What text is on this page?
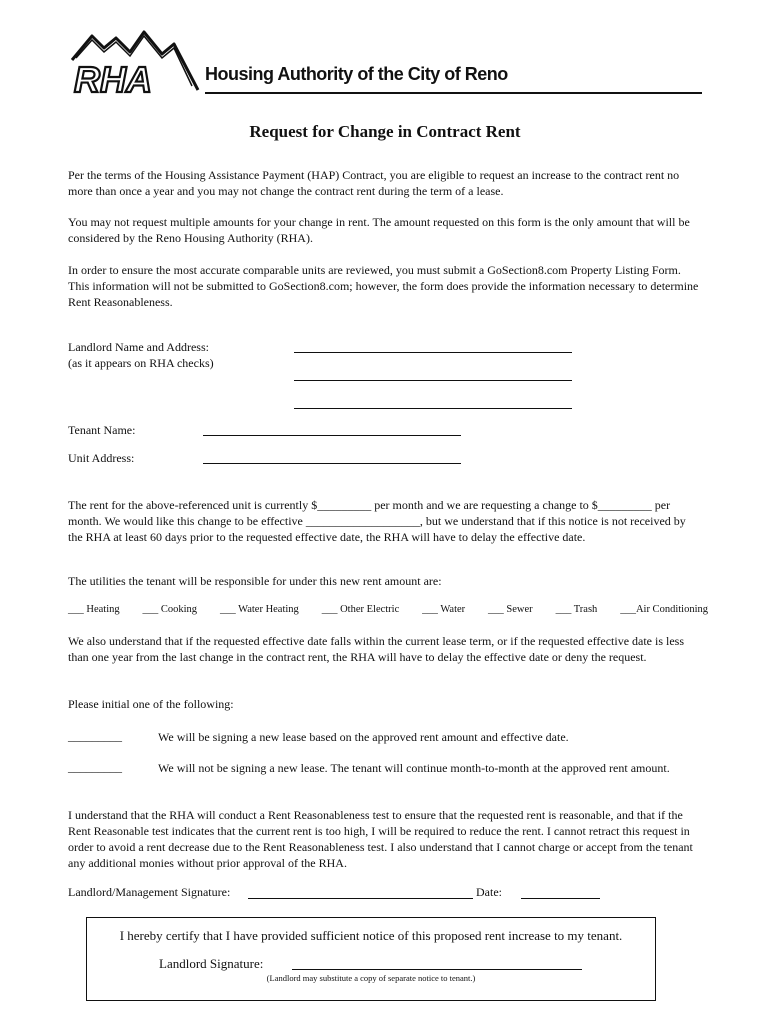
RHA	Housing Authority of the City of Reno
Request for Change in Contract Rent
Per the terms of the Housing Assistance Payment (HAP) Contract, you are eligible to request an increase to the contract rent no more than once a year and you may not change the contract rent during the term of a lease.
You may not request multiple amounts for your change in rent. The amount requested on this form is the only amount that will be considered by the Reno Housing Authority (RHA).
In order to ensure the most accurate comparable units are reviewed, you must submit a GoSection8.com Property Listing Form. This information will not be submitted to GoSection8.com; however, the form does provide the information necessary to determine Rent Reasonableness.
Landlord Name and Address:
(as it appears on RHA checks)
Tenant Name:
Unit Address:
The rent for the above-referenced unit is currently $_________ per month and we are requesting a change to $_________ per month. We would like this change to be effective ___________________, but we understand that if this notice is not received by the RHA at least 60 days prior to the requested effective date, the RHA will have to delay the effective date.
The utilities the tenant will be responsible for under this new rent amount are:
___ Heating ___ Cooking ___ Water Heating ___ Other Electric ___ Water ___ Sewer ___ Trash ___Air Conditioning
We also understand that if the requested effective date falls within the current lease term, or if the requested effective date is less than one year from the last change in the contract rent, the RHA will have to delay the effective date or deny the request.
Please initial one of the following:
_________	We will be signing a new lease based on the approved rent amount and effective date.
_________	We will not be signing a new lease. The tenant will continue month-to-month at the approved rent amount.
I understand that the RHA will conduct a Rent Reasonableness test to ensure that the requested rent is reasonable, and that if the Rent Reasonable test indicates that the current rent is too high, I will be required to reduce the rent. I cannot retract this request in order to avoid a rent decrease due to the Rent Reasonableness test. I also understand that I cannot charge or accept from the tenant any additional monies without prior approval of the RHA.
Landlord/Management Signature:	Date:
I hereby certify that I have provided sufficient notice of this proposed rent increase to my tenant.
Landlord Signature:
(Landlord may substitute a copy of separate notice to tenant.)
